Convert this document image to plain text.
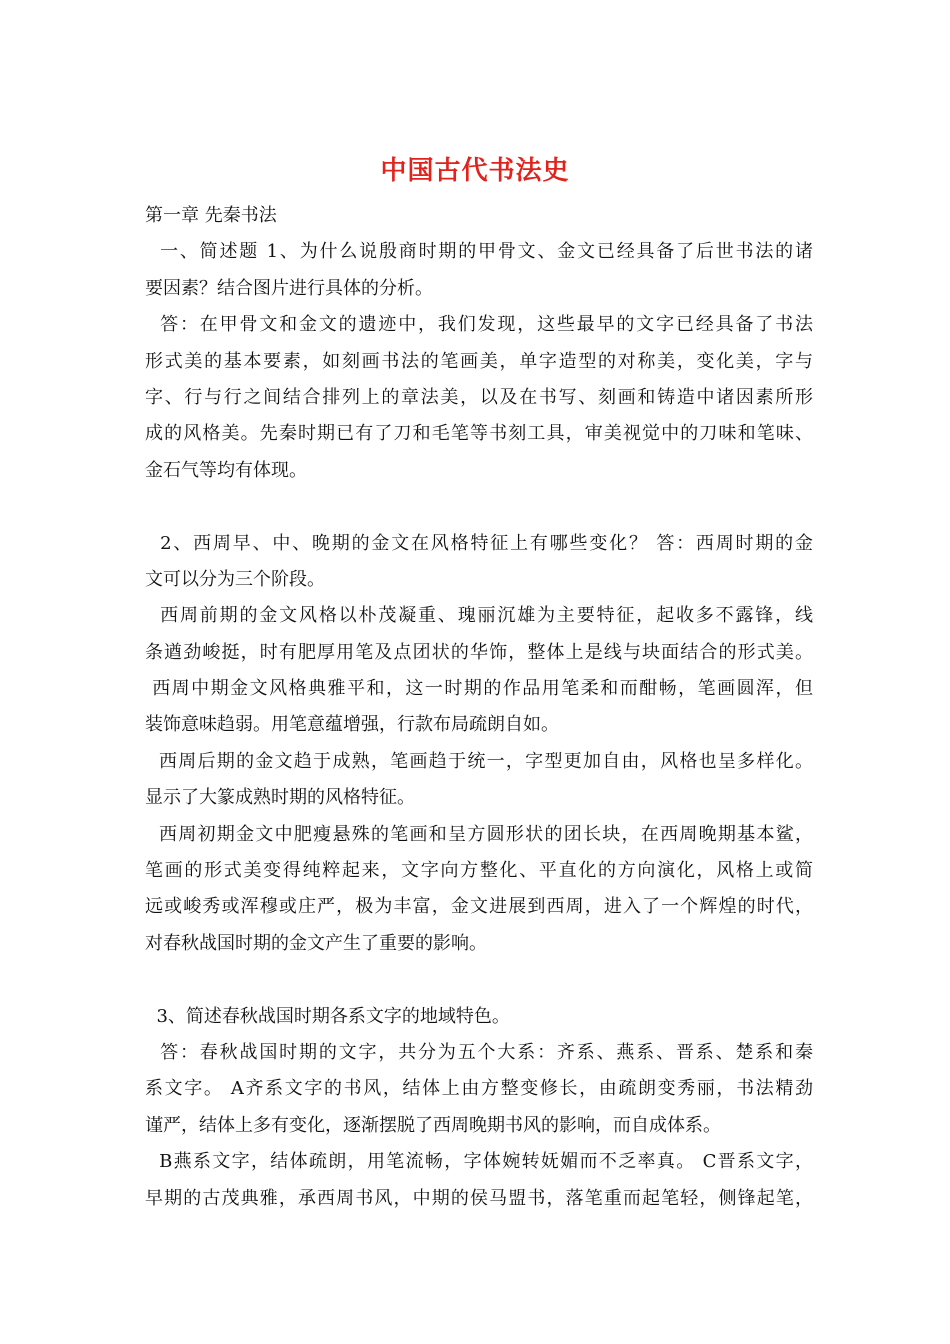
中国古代书法史
第一章 先秦书法
一、简述题 1、为什么说殷商时期的甲骨文、金文已经具备了后世书法的诸
要因素？结合图片进行具体的分析。
答：在甲骨文和金文的遗迹中，我们发现，这些最早的文字已经具备了书法
形式美的基本要素，如刻画书法的笔画美，单字造型的对称美，变化美，字与
字、行与行之间结合排列上的章法美，以及在书写、刻画和铸造中诸因素所形
成的风格美。先秦时期已有了刀和毛笔等书刻工具，审美视觉中的刀味和笔味、
金石气等均有体现。
2、西周早、中、晚期的金文在风格特征上有哪些变化？ 答：西周时期的金
文可以分为三个阶段。
西周前期的金文风格以朴茂凝重、瑰丽沉雄为主要特征，起收多不露锋，线
条遒劲峻挺，时有肥厚用笔及点团状的华饰，整体上是线与块面结合的形式美。
西周中期金文风格典雅平和，这一时期的作品用笔柔和而酣畅，笔画圆浑，但
装饰意味趋弱。用笔意蕴增强，行款布局疏朗自如。
西周后期的金文趋于成熟，笔画趋于统一，字型更加自由，风格也呈多样化。
显示了大篆成熟时期的风格特征。
西周初期金文中肥瘦悬殊的笔画和呈方圆形状的团长块，在西周晚期基本鲨，
笔画的形式美变得纯粹起来，文字向方整化、平直化的方向演化，风格上或简
远或峻秀或浑穆或庄严，极为丰富，金文进展到西周，进入了一个辉煌的时代，
对春秋战国时期的金文产生了重要的影响。
3、简述春秋战国时期各系文字的地域特色。
答：春秋战国时期的文字，共分为五个大系：齐系、燕系、晋系、楚系和秦
系文字。 A齐系文字的书风，结体上由方整变修长，由疏朗变秀丽，书法精劲
谨严，结体上多有变化，逐渐摆脱了西周晚期书风的影响，而自成体系。
B燕系文字，结体疏朗，用笔流畅，字体婉转妩媚而不乏率真。 C晋系文字，
早期的古茂典雅，承西周书风，中期的侯马盟书，落笔重而起笔轻，侧锋起笔，
